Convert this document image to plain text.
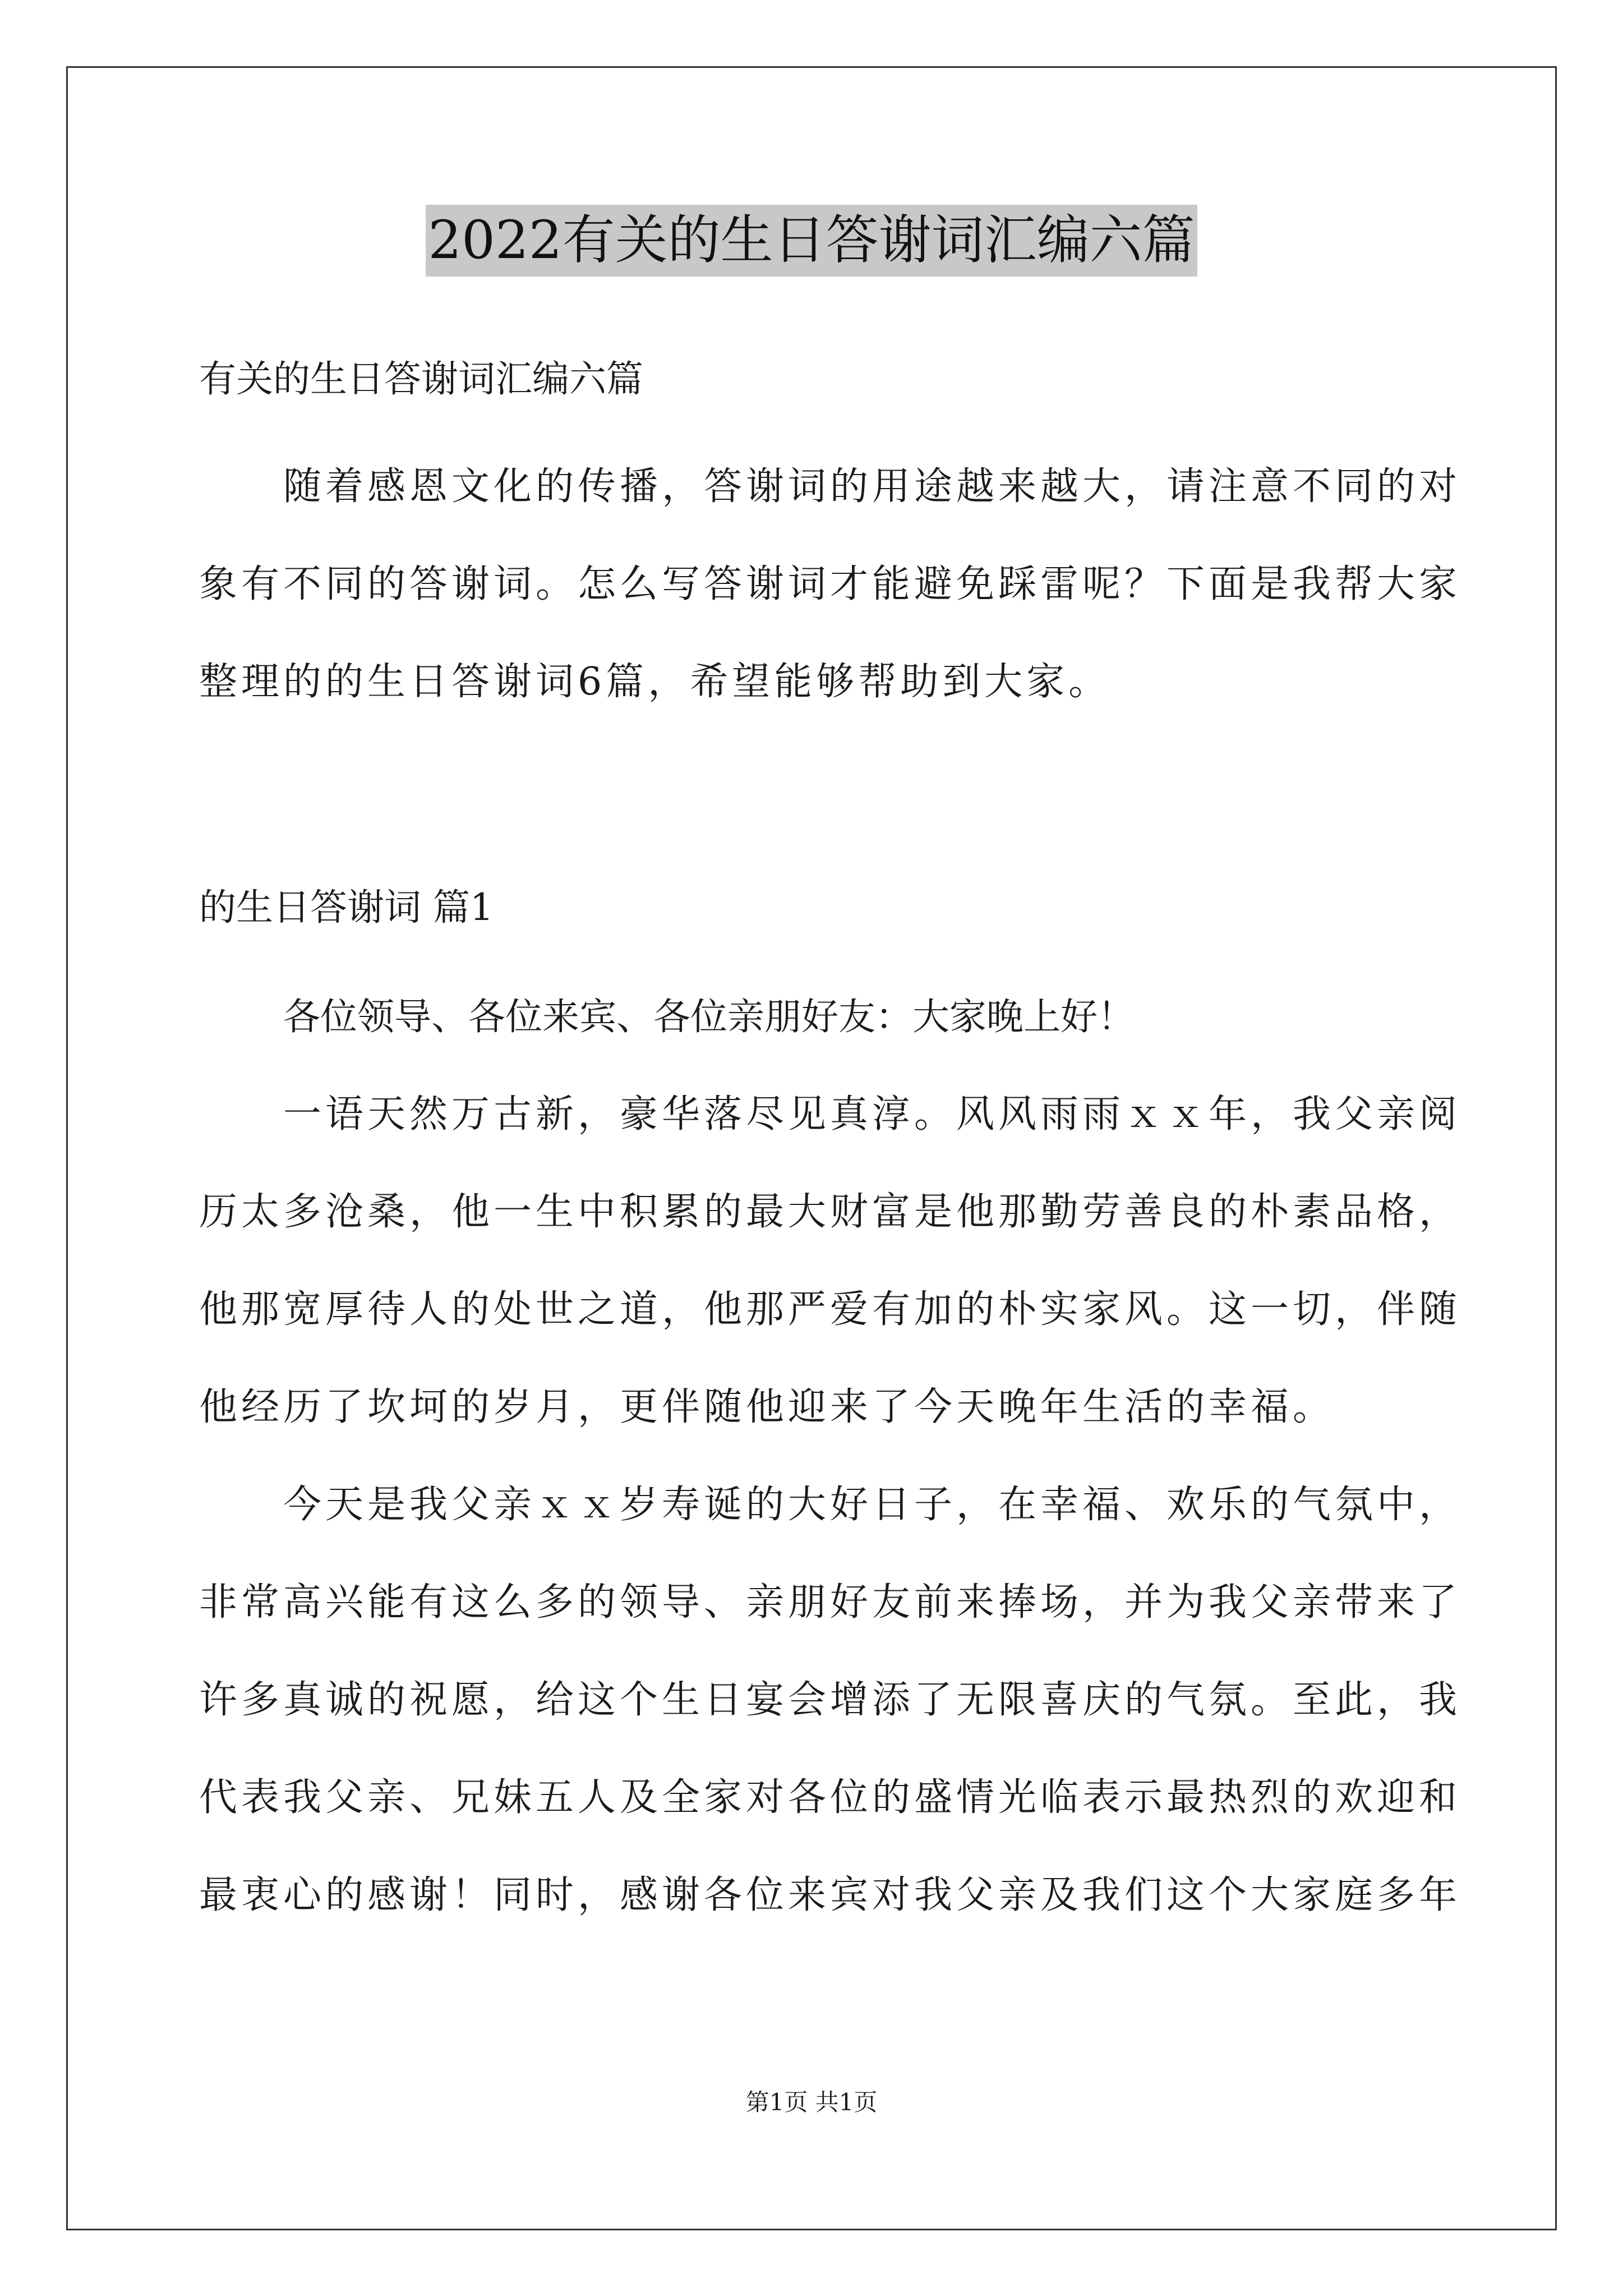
2022有关的生日答谢词汇编六篇
有关的生日答谢词汇编六篇
随着感恩文化的传播，答谢词的用途越来越大，请注意不同的对
象有不同的答谢词。怎么写答谢词才能避免踩雷呢？下面是我帮大家
整理的的生日答谢词6篇，希望能够帮助到大家。
的生日答谢词 篇1
各位领导、各位来宾、各位亲朋好友：大家晚上好！
一语天然万古新，豪华落尽见真淳。风风雨雨ｘｘ年，我父亲阅
历太多沧桑，他一生中积累的最大财富是他那勤劳善良的朴素品格，
他那宽厚待人的处世之道，他那严爱有加的朴实家风。这一切，伴随
他经历了坎坷的岁月，更伴随他迎来了今天晚年生活的幸福。
今天是我父亲ｘｘ岁寿诞的大好日子，在幸福、欢乐的气氛中，
非常高兴能有这么多的领导、亲朋好友前来捧场，并为我父亲带来了
许多真诚的祝愿，给这个生日宴会增添了无限喜庆的气氛。至此，我
代表我父亲、兄妹五人及全家对各位的盛情光临表示最热烈的欢迎和
最衷心的感谢！同时，感谢各位来宾对我父亲及我们这个大家庭多年
第1页 共1页
